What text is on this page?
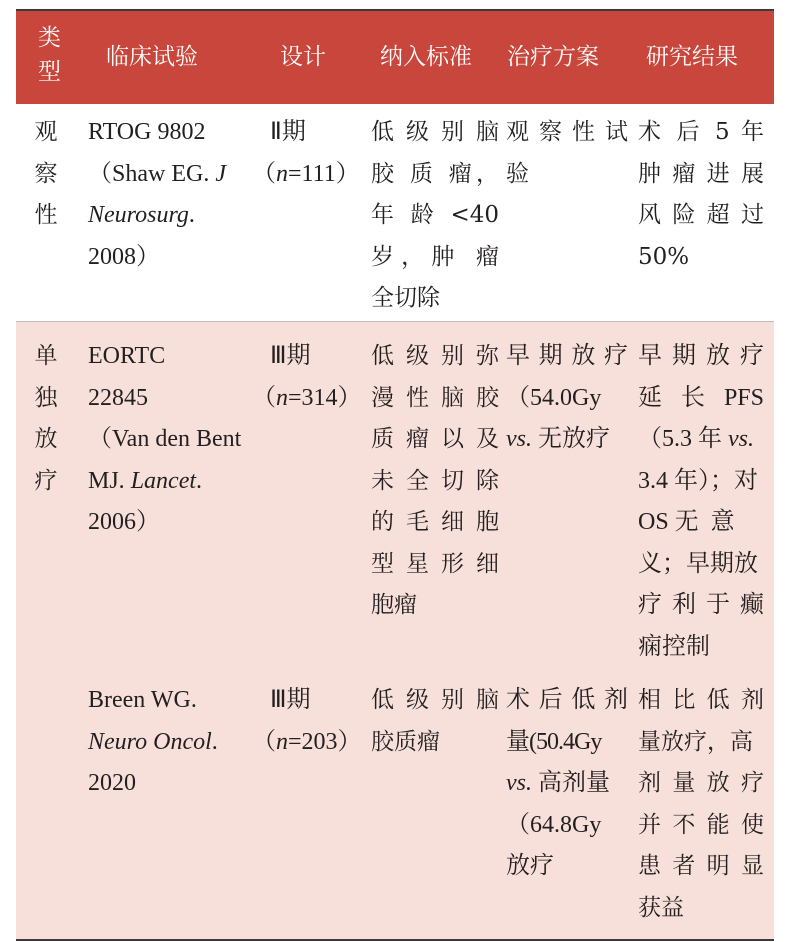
类
型
临床试验	设计 纳入标准 治疗方案 研究结果
观
察
性
RTOG 9802
（Shaw EG. J
Neurosurg.
2008）
Ⅱ期
（n=111）
低级别脑
胶 质 瘤，
年 龄 <40
岁，肿 瘤
全切除
观察性试
验
术 后 5 年
肿瘤进展
风险超过
50%
单
独
放
疗
EORTC
22845
（Van den Bent
MJ. Lancet.
2006）
Ⅲ期
（n=314）
低级别弥
漫性脑胶
质瘤以及
未全切除
的毛细胞
型星形细
胞瘤
早期放疗
（54.0Gy
vs. 无放疗
早 期 放 疗
延 长 PFS
（5.3 年 vs.
3.4 年）；对
OS 无  意
义；早期放
疗利于癫
痫控制
Breen WG.
Neuro Oncol.
2020
Ⅲ期
（n=203）
低级别脑
胶质瘤
术后低剂
量(50.4Gy
vs. 高剂量
（64.8Gy
放疗
相比低剂
量放疗，高
剂量放疗
并不能使
患者明显
获益
